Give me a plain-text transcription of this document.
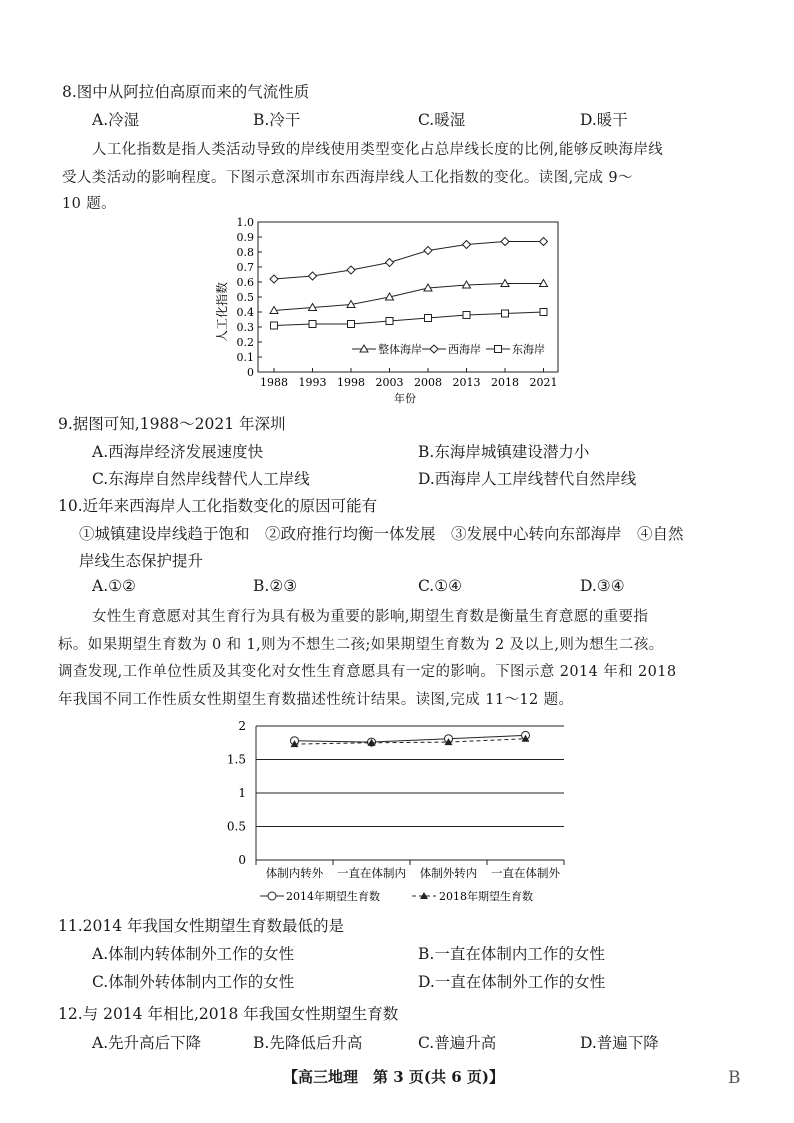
8.图中从阿拉伯高原而来的气流性质
A.冷湿	B.冷干	C.暖湿	D.暖干
人工化指数是指人类活动导致的岸线使用类型变化占总岸线长度的比例,能够反映海岸线
受人类活动的影响程度。下图示意深圳市东西海岸线人工化指数的变化。读图,完成 9～
10 题。
0
0.1
0.2
0.3
0.4
0.5
0.6
0.7
0.8
0.9
1.0
1988 1993 1998 2003 2008 2013 2018 2021
人工化指数
年份
整体海岸 西海岸	东海岸
9.据图可知,1988～2021 年深圳
A.西海岸经济发展速度快	B.东海岸城镇建设潜力小
C.东海岸自然岸线替代人工岸线	D.西海岸人工岸线替代自然岸线
10.近年来西海岸人工化指数变化的原因可能有
①城镇建设岸线趋于饱和　②政府推行均衡一体发展　③发展中心转向东部海岸　④自然
岸线生态保护提升
A.①②	B.②③	C.①④	D.③④
女性生育意愿对其生育行为具有极为重要的影响,期望生育数是衡量生育意愿的重要指
标。如果期望生育数为 0 和 1,则为不想生二孩;如果期望生育数为 2 及以上,则为想生二孩。
调查发现,工作单位性质及其变化对女性生育意愿具有一定的影响。下图示意 2014 年和 2018
年我国不同工作性质女性期望生育数描述性统计结果。读图,完成 11～12 题。
0
0.5
1
1.5
2
体制内转外 一直在体制内 体制外转内 一直在体制外
2014年期望生育数	2018年期望生育数
11.2014 年我国女性期望生育数最低的是
A.体制内转体制外工作的女性	B.一直在体制内工作的女性
C.体制外转体制内工作的女性	D.一直在体制外工作的女性
12.与 2014 年相比,2018 年我国女性期望生育数
A.先升高后下降	B.先降低后升高	C.普遍升高	D.普遍下降
【高三地理　第 3 页(共 6 页)】	B
